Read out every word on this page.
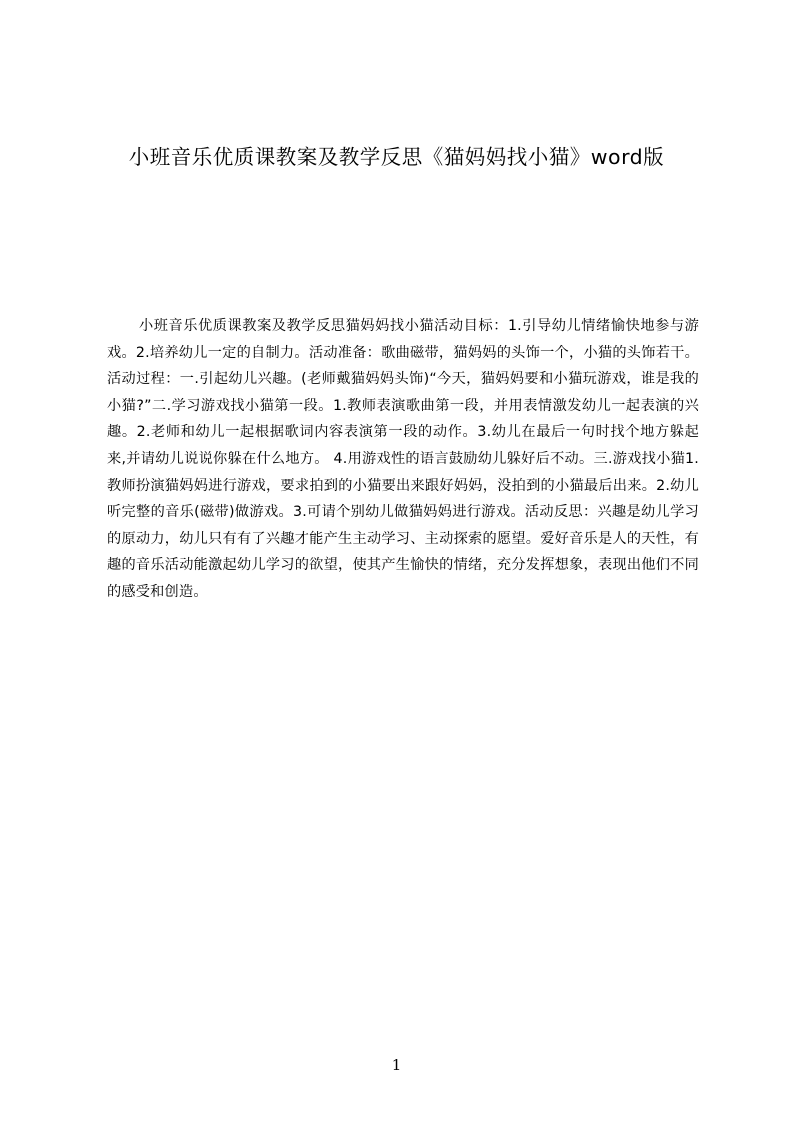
小班音乐优质课教案及教学反思《猫妈妈找小猫》word版

小班音乐优质课教案及教学反思猫妈妈找小猫活动目标：1.引导幼儿情绪愉快地参与游戏。2.培养幼儿一定的自制力。活动准备：歌曲磁带，猫妈妈的头饰一个，小猫的头饰若干。活动过程：一.引起幼儿兴趣。(老师戴猫妈妈头饰)“今天，猫妈妈要和小猫玩游戏，谁是我的小猫?”二.学习游戏找小猫第一段。1.教师表演歌曲第一段，并用表情激发幼儿一起表演的兴趣。2.老师和幼儿一起根据歌词内容表演第一段的动作。3.幼儿在最后一句时找个地方躲起来,并请幼儿说说你躲在什么地方。 4.用游戏性的语言鼓励幼儿躲好后不动。三.游戏找小猫1.教师扮演猫妈妈进行游戏，要求拍到的小猫要出来跟好妈妈，没拍到的小猫最后出来。2.幼儿听完整的音乐(磁带)做游戏。3.可请个别幼儿做猫妈妈进行游戏。活动反思：兴趣是幼儿学习的原动力，幼儿只有有了兴趣才能产生主动学习、主动探索的愿望。爱好音乐是人的天性，有趣的音乐活动能激起幼儿学习的欲望，使其产生愉快的情绪，充分发挥想象，表现出他们不同的感受和创造。

1
